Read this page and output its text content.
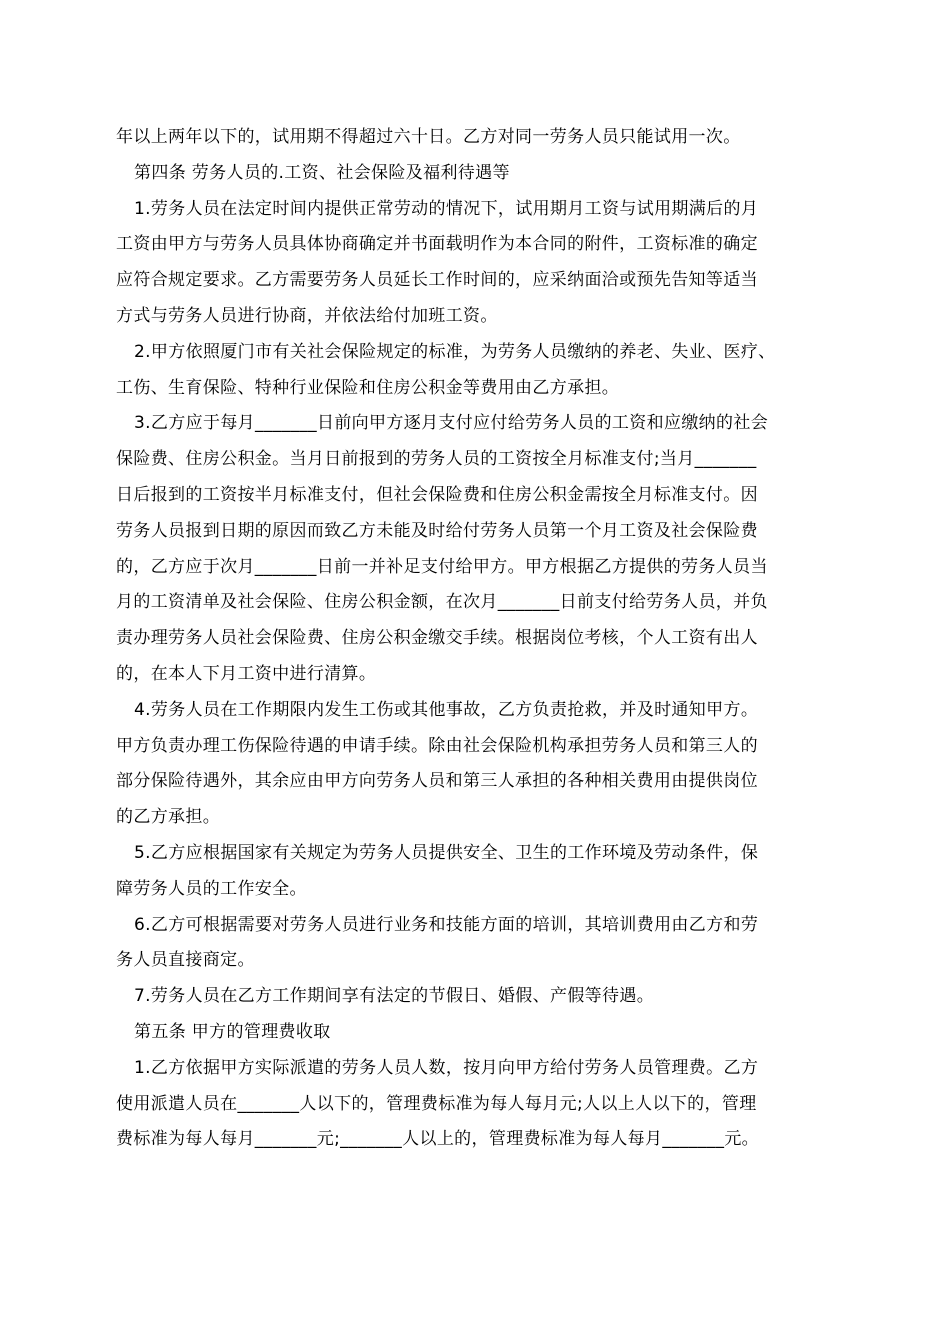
年以上两年以下的，试用期不得超过六十日。乙方对同一劳务人员只能试用一次。
第四条 劳务人员的.工资、社会保险及福利待遇等
1.劳务人员在法定时间内提供正常劳动的情况下，试用期月工资与试用期满后的月
工资由甲方与劳务人员具体协商确定并书面载明作为本合同的附件，工资标准的确定
应符合规定要求。乙方需要劳务人员延长工作时间的，应采纳面洽或预先告知等适当
方式与劳务人员进行协商，并依法给付加班工资。
2.甲方依照厦门市有关社会保险规定的标准，为劳务人员缴纳的养老、失业、医疗、
工伤、生育保险、特种行业保险和住房公积金等费用由乙方承担。
3.乙方应于每月_______日前向甲方逐月支付应付给劳务人员的工资和应缴纳的社会
保险费、住房公积金。当月日前报到的劳务人员的工资按全月标准支付;当月_______
日后报到的工资按半月标准支付，但社会保险费和住房公积金需按全月标准支付。因
劳务人员报到日期的原因而致乙方未能及时给付劳务人员第一个月工资及社会保险费
的，乙方应于次月_______日前一并补足支付给甲方。甲方根据乙方提供的劳务人员当
月的工资清单及社会保险、住房公积金额，在次月_______日前支付给劳务人员，并负
责办理劳务人员社会保险费、住房公积金缴交手续。根据岗位考核，个人工资有出人
的，在本人下月工资中进行清算。
4.劳务人员在工作期限内发生工伤或其他事故，乙方负责抢救，并及时通知甲方。
甲方负责办理工伤保险待遇的申请手续。除由社会保险机构承担劳务人员和第三人的
部分保险待遇外，其余应由甲方向劳务人员和第三人承担的各种相关费用由提供岗位
的乙方承担。
5.乙方应根据国家有关规定为劳务人员提供安全、卫生的工作环境及劳动条件，保
障劳务人员的工作安全。
6.乙方可根据需要对劳务人员进行业务和技能方面的培训，其培训费用由乙方和劳
务人员直接商定。
7.劳务人员在乙方工作期间享有法定的节假日、婚假、产假等待遇。
第五条 甲方的管理费收取
1.乙方依据甲方实际派遣的劳务人员人数，按月向甲方给付劳务人员管理费。乙方
使用派遣人员在_______人以下的，管理费标准为每人每月元;人以上人以下的，管理
费标准为每人每月_______元;_______人以上的，管理费标准为每人每月_______元。
